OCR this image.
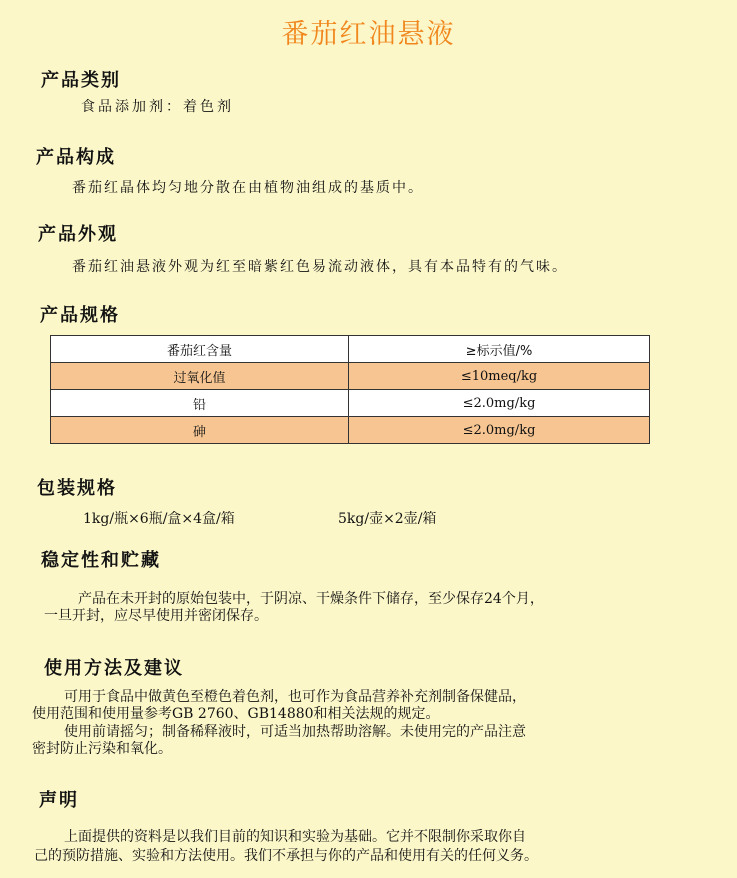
番茄红油悬液
产品类别
食品添加剂：着色剂
产品构成
番茄红晶体均匀地分散在由植物油组成的基质中。
产品外观
番茄红油悬液外观为红至暗紫红色易流动液体，具有本品特有的气味。
产品规格
番茄红含量	≥标示值/%
过氧化值	≤10meq/kg
铅	≤2.0mg/kg
砷	≤2.0mg/kg
包装规格
1kg/瓶×6瓶/盒×4盒/箱	5kg/壶×2壶/箱
稳定性和贮藏
产品在未开封的原始包装中，于阴凉、干燥条件下储存，至少保存24个月，
一旦开封，应尽早使用并密闭保存。
使用方法及建议
可用于食品中做黄色至橙色着色剂，也可作为食品营养补充剂制备保健品，
使用范围和使用量参考GB 2760、GB14880和相关法规的规定。
使用前请摇匀；制备稀释液时，可适当加热帮助溶解。未使用完的产品注意
密封防止污染和氧化。
声明
上面提供的资料是以我们目前的知识和实验为基础。它并不限制你采取你自
己的预防措施、实验和方法使用。我们不承担与你的产品和使用有关的任何义务。
